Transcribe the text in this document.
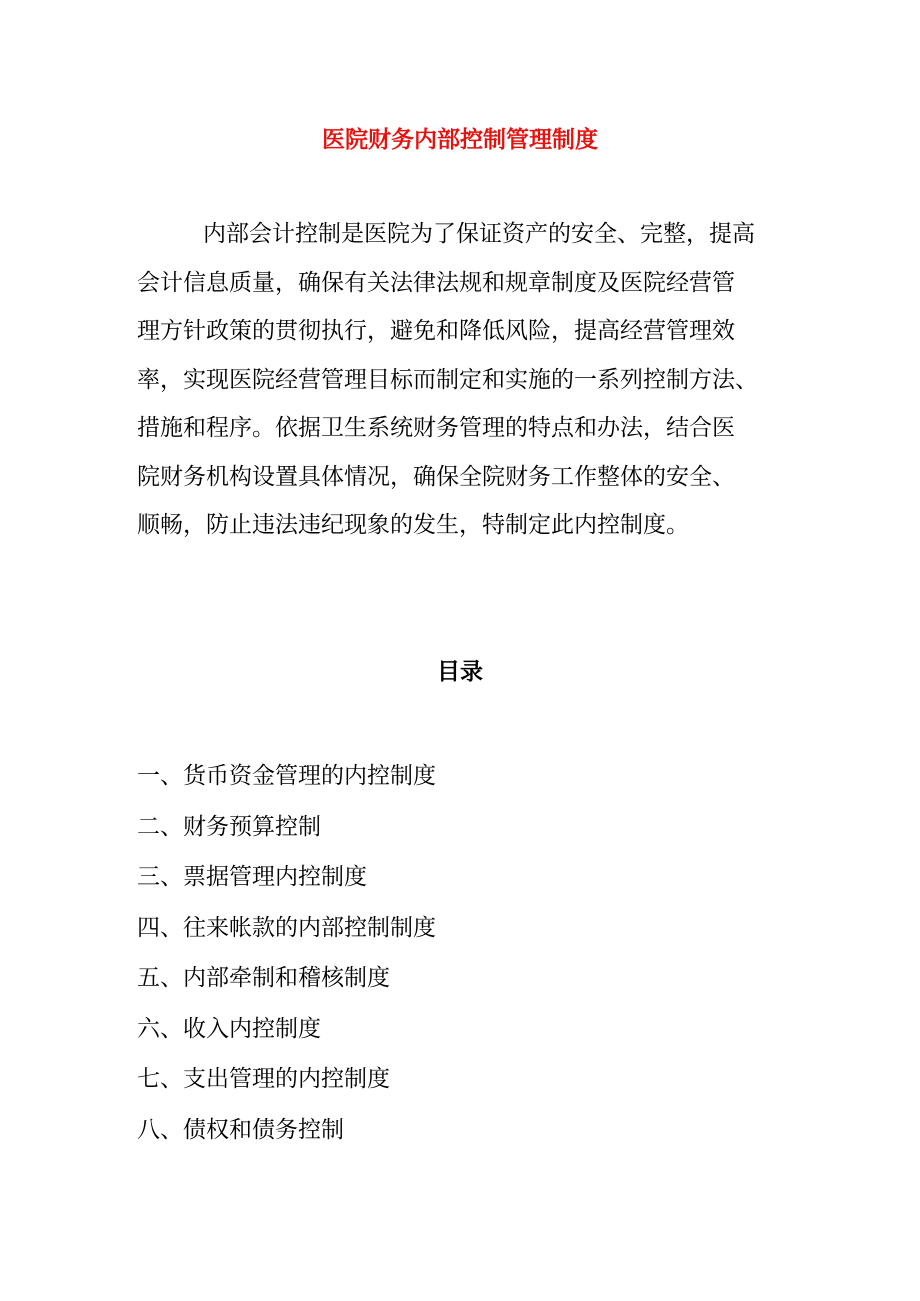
医院财务内部控制管理制度
内部会计控制是医院为了保证资产的安全、完整，提高
会计信息质量，确保有关法律法规和规章制度及医院经营管
理方针政策的贯彻执行，避免和降低风险，提高经营管理效
率，实现医院经营管理目标而制定和实施的一系列控制方法、
措施和程序。依据卫生系统财务管理的特点和办法，结合医
院财务机构设置具体情况，确保全院财务工作整体的安全、
顺畅，防止违法违纪现象的发生，特制定此内控制度。
目录
一、货币资金管理的内控制度
二、财务预算控制
三、票据管理内控制度
四、往来帐款的内部控制制度
五、内部牵制和稽核制度
六、收入内控制度
七、支出管理的内控制度
八、债权和债务控制
